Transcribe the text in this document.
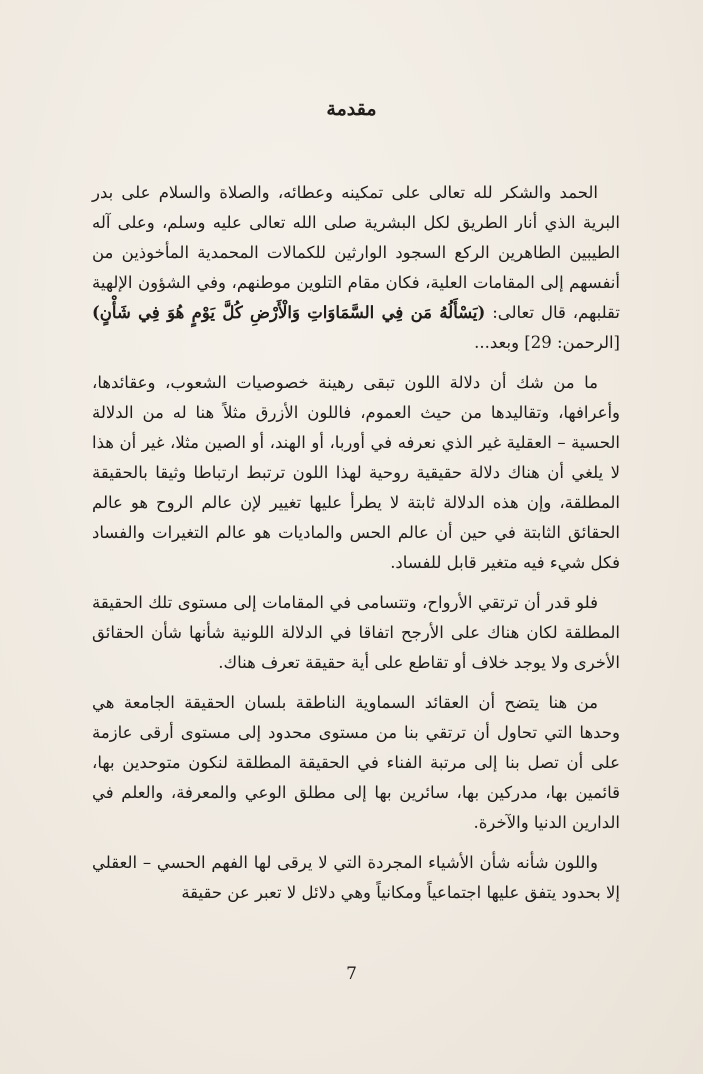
مقدمة

الحمد والشكر لله تعالى على تمكينه وعطائه، والصلاة والسلام على بدر البرية الذي أنار الطريق لكل البشرية صلى الله تعالى عليه وسلم، وعلى آله الطيبين الطاهرين الركع السجود الوارثين للكمالات المحمدية المأخوذين من أنفسهم إلى المقامات العلية، فكان مقام التلوين موطنهم، وفي الشؤون الإلهية تقلبهم، قال تعالى: (يَسْأَلُهُ مَن فِي السَّمَاوَاتِ وَالْأَرْضِ كُلَّ يَوْمٍ هُوَ فِي شَأْنٍ) [الرحمن: 29] وبعد...

ما من شك أن دلالة اللون تبقى رهينة خصوصيات الشعوب، وعقائدها، وأعرافها، وتقاليدها من حيث العموم، فاللون الأزرق مثلاً هنا له من الدلالة الحسية – العقلية غير الذي نعرفه في أوربا، أو الهند، أو الصين مثلا، غير أن هذا لا يلغي أن هناك دلالة حقيقية روحية لهذا اللون ترتبط ارتباطا وثيقا بالحقيقة المطلقة، وإن هذه الدلالة ثابتة لا يطرأ عليها تغيير لإن عالم الروح هو عالم الحقائق الثابتة في حين أن عالم الحس والماديات هو عالم التغيرات والفساد فكل شيء فيه متغير قابل للفساد.

فلو قدر أن ترتقي الأرواح، وتتسامى في المقامات إلى مستوى تلك الحقيقة المطلقة لكان هناك على الأرجح اتفاقا في الدلالة اللونية شأنها شأن الحقائق الأخرى ولا يوجد خلاف أو تقاطع على أية حقيقة تعرف هناك.

من هنا يتضح أن العقائد السماوية الناطقة بلسان الحقيقة الجامعة هي وحدها التي تحاول أن ترتقي بنا من مستوى محدود إلى مستوى أرقى عازمة على أن تصل بنا إلى مرتبة الفناء في الحقيقة المطلقة لنكون متوحدين بها، قائمين بها، مدركين بها، سائرين بها إلى مطلق الوعي والمعرفة، والعلم في الدارين الدنيا والآخرة.

واللون شأنه شأن الأشياء المجردة التي لا يرقى لها الفهم الحسي – العقلي إلا بحدود يتفق عليها اجتماعياً ومكانياً وهي دلائل لا تعبر عن حقيقة

7
